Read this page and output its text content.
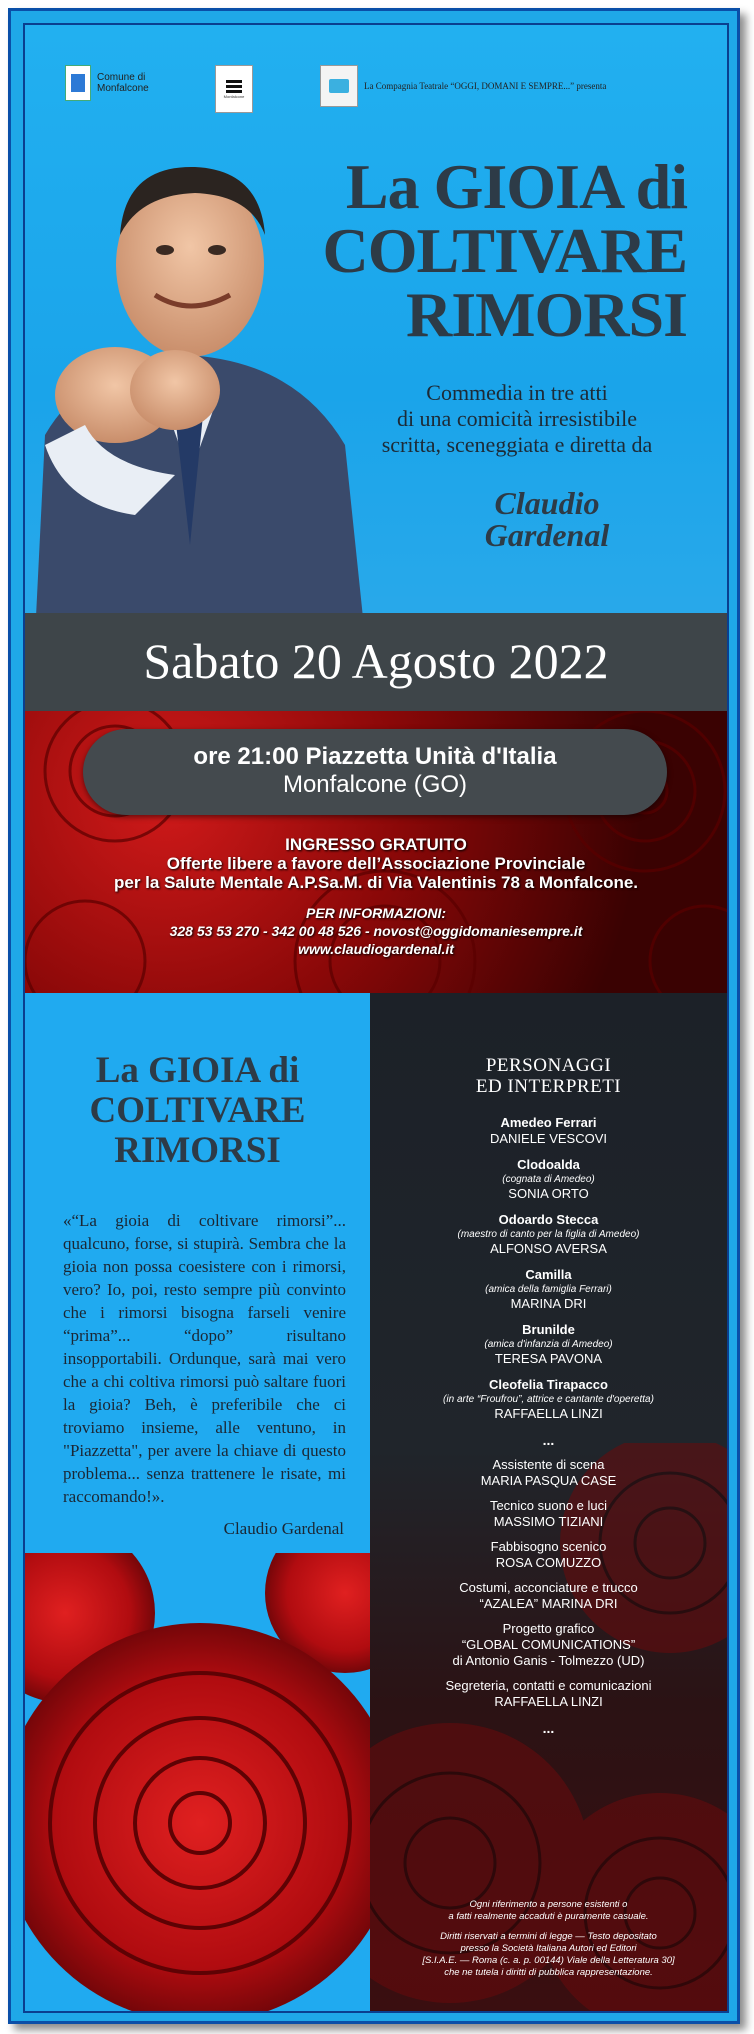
Comune di Monfalcone
Monfalcone
La Compagnia Teatrale “OGGI, DOMANI E SEMPRE...” presenta
La GIOIA di
COLTIVARE
RIMORSI
Commedia in tre atti
di una comicità irresistibile
scritta, sceneggiata e diretta da
Claudio
Gardenal
Sabato 20 Agosto 2022
ore 21:00 Piazzetta Unità d'Italia
Monfalcone (GO)
INGRESSO GRATUITO
Offerte libere a favore dell’Associazione Provinciale
per la Salute Mentale A.P.Sa.M. di Via Valentinis 78 a Monfalcone.
PER INFORMAZIONI:
328 53 53 270 - 342 00 48 526 - novost@oggidomaniesempre.it
www.claudiogardenal.it
La GIOIA di
COLTIVARE
RIMORSI
«“La gioia di coltivare rimorsi”... qualcuno, forse, si stupirà. Sembra che la gioia non possa coesistere con i rimorsi, vero? Io, poi, resto sempre più convinto che i rimorsi bisogna farseli venire “prima”... “dopo” risultano insopportabili. Ordunque, sarà mai vero che a chi coltiva rimorsi può saltare fuori la gioia? Beh, è preferibile che ci troviamo insieme, alle ventuno, in "Piazzetta", per avere la chiave di questo problema... senza trattenere le risate, mi raccomando!».
Claudio Gardenal
PERSONAGGI
ED INTERPRETI
Amedeo Ferrari
DANIELE VESCOVI
Clodoalda
(cognata di Amedeo)
SONIA ORTO
Odoardo Stecca
(maestro di canto per la figlia di Amedeo)
ALFONSO AVERSA
Camilla
(amica della famiglia Ferrari)
MARINA DRI
Brunilde
(amica d'infanzia di Amedeo)
TERESA PAVONA
Cleofelia Tirapacco
(in arte “Froufrou”, attrice e cantante d'operetta)
RAFFAELLA LINZI
...
Assistente di scena
MARIA PASQUA CASE
Tecnico suono e luci
MASSIMO TIZIANI
Fabbisogno scenico
ROSA COMUZZO
Costumi, acconciature e trucco
“AZALEA” MARINA DRI
Progetto grafico
“GLOBAL COMUNICATIONS”
di Antonio Ganis - Tolmezzo (UD)
Segreteria, contatti e comunicazioni
RAFFAELLA LINZI
...
Ogni riferimento a persone esistenti o
a fatti realmente accaduti è puramente casuale.
Diritti riservati a termini di legge — Testo depositato
presso la Società Italiana Autori ed Editori
[S.I.A.E. — Roma (c. a. p. 00144) Viale della Letteratura 30]
che ne tutela i diritti di pubblica rappresentazione.
